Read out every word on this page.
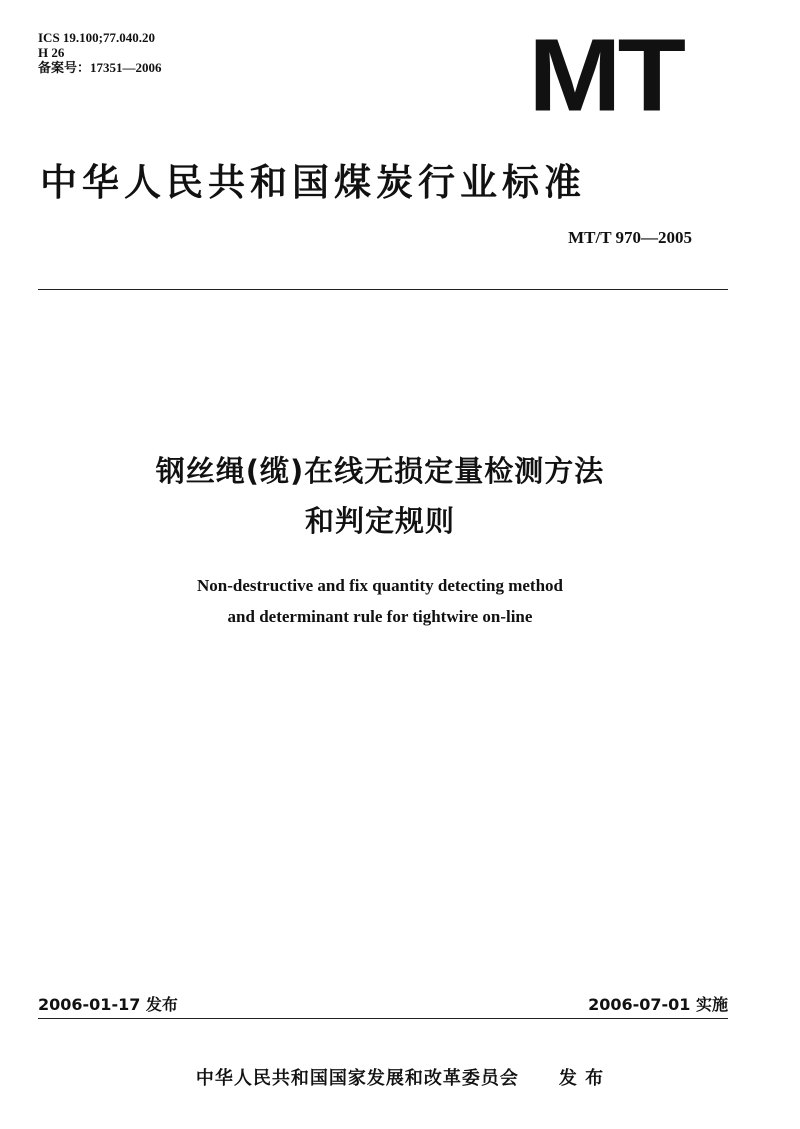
ICS 19.100;77.040.20
H 26
备案号：17351—2006	MT
中华人民共和国煤炭行业标准
MT/T 970—2005
钢丝绳(缆)在线无损定量检测方法
和判定规则
Non-destructive and fix quantity detecting method
and determinant rule for tightwire on-line
2006-01-17 发布	2006-07-01 实施
中华人民共和国国家发展和改革委员会 发 布
